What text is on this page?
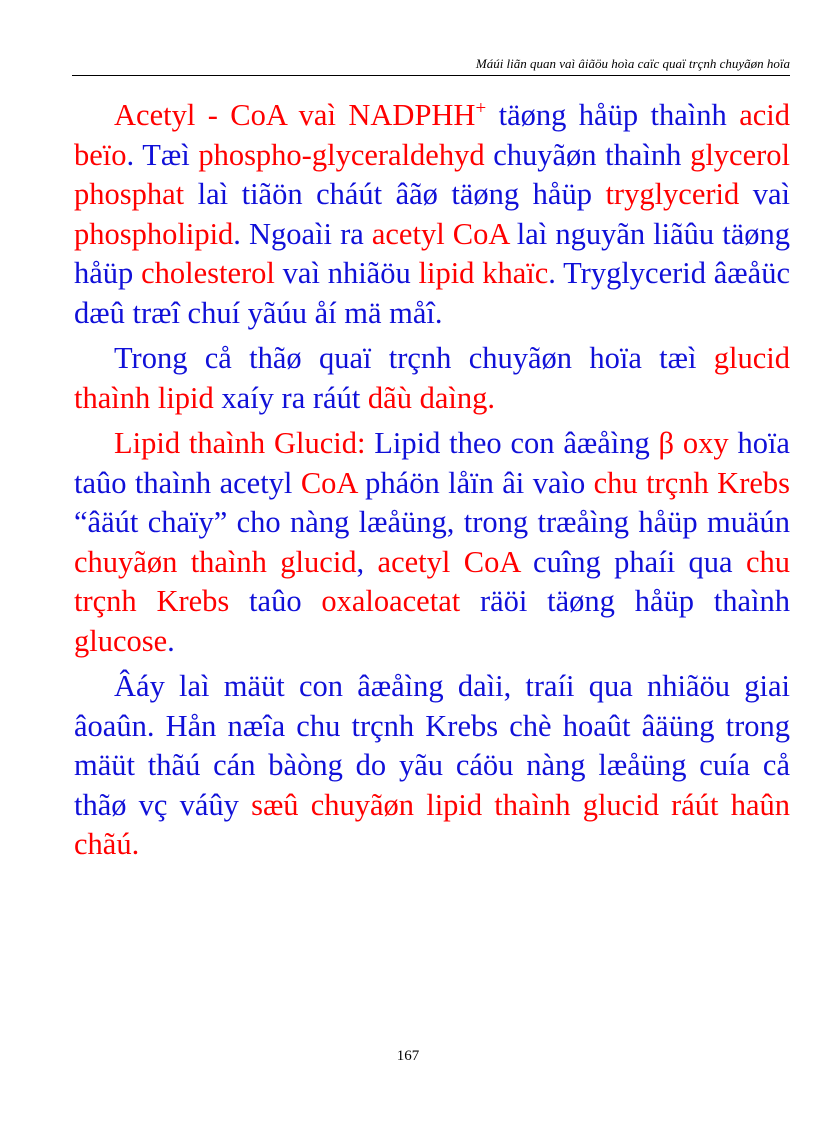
Máúi liãn quan vaì âiãöu hoìa caïc quaï trçnh chuyãøn hoïa

Acetyl - CoA vaì NADPHH+ täøng håüp thaình acid beïo. Tæì phospho-glyceraldehyd chuyãøn thaình glycerol phosphat laì tiãön cháút âãø täøng håüp tryglycerid vaì phospholipid. Ngoaìi ra acetyl CoA laì nguyãn liãûu täøng håüp cholesterol vaì nhiãöu lipid khaïc. Tryglycerid âæåüc dæû træî chuí yãúu åí mä måî.

Trong cå thãø quaï trçnh chuyãøn hoïa tæì glucid thaình lipid xaíy ra ráút dãù daìng.

Lipid thaình Glucid: Lipid theo con âæåìng β oxy hoïa taûo thaình acetyl CoA pháön låïn âi vaìo chu trçnh Krebs “âäút chaïy” cho nàng læåüng, trong træåìng håüp muäún chuyãøn thaình glucid, acetyl CoA cuîng phaíi qua chu trçnh Krebs taûo oxaloacetat räöi täøng håüp thaình glucose.

Âáy laì mäüt con âæåìng daìi, traíi qua nhiãöu giai âoaûn. Hån næîa chu trçnh Krebs chè hoaût âäüng trong mäüt thãú cán bàòng do yãu cáöu nàng læåüng cuía cå thãø vç váûy sæû chuyãøn lipid thaình glucid ráút haûn chãú.

167
